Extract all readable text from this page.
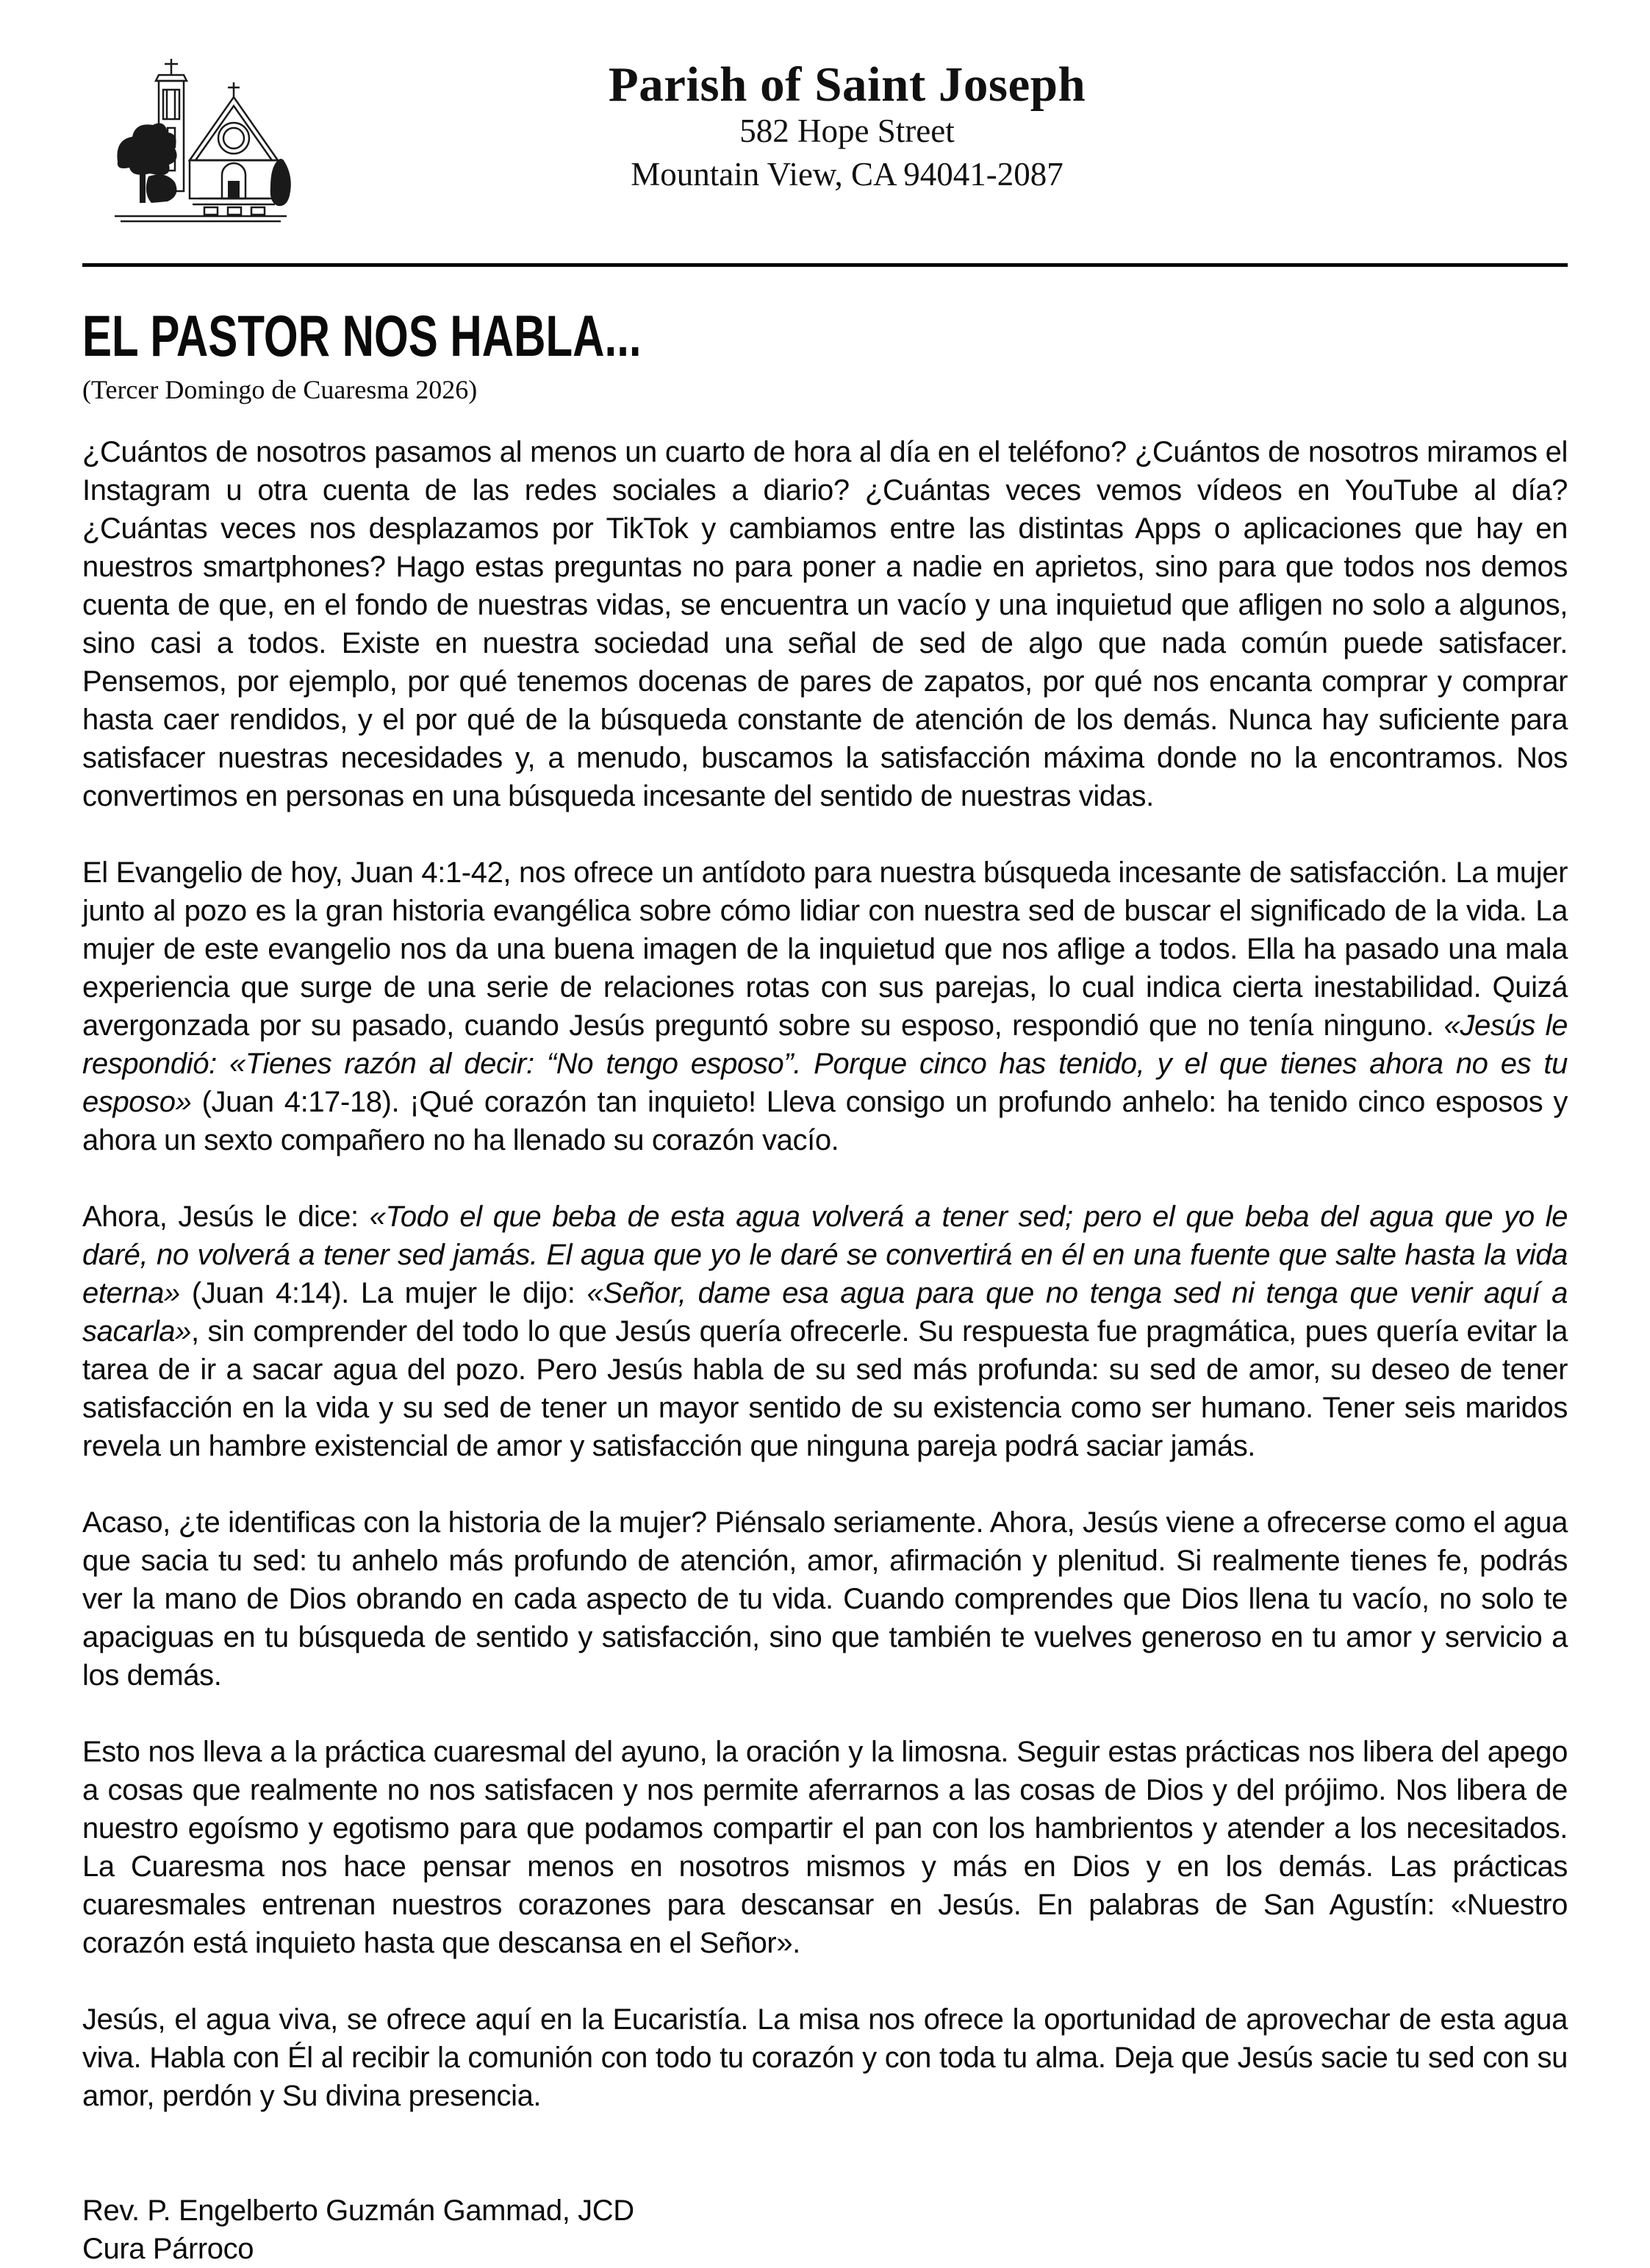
Parish of Saint Joseph
582 Hope Street
Mountain View, CA 94041-2087
EL PASTOR NOS HABLA...
(Tercer Domingo de Cuaresma 2026)

¿Cuántos de nosotros pasamos al menos un cuarto de hora al día en el teléfono? ¿Cuántos de nosotros miramos el Instagram u otra cuenta de las redes sociales a diario? ¿Cuántas veces vemos vídeos en YouTube al día? ¿Cuántas veces nos desplazamos por TikTok y cambiamos entre las distintas Apps o aplicaciones que hay en nuestros smartphones? Hago estas preguntas no para poner a nadie en aprietos, sino para que todos nos demos cuenta de que, en el fondo de nuestras vidas, se encuentra un vacío y una inquietud que afligen no solo a algunos, sino casi a todos. Existe en nuestra sociedad una señal de sed de algo que nada común puede satisfacer. Pensemos, por ejemplo, por qué tenemos docenas de pares de zapatos, por qué nos encanta comprar y comprar hasta caer rendidos, y el por qué de la búsqueda constante de atención de los demás. Nunca hay suficiente para satisfacer nuestras necesidades y, a menudo, buscamos la satisfacción máxima donde no la encontramos. Nos convertimos en personas en una búsqueda incesante del sentido de nuestras vidas.

El Evangelio de hoy, Juan 4:1-42, nos ofrece un antídoto para nuestra búsqueda incesante de satisfacción. La mujer junto al pozo es la gran historia evangélica sobre cómo lidiar con nuestra sed de buscar el significado de la vida. La mujer de este evangelio nos da una buena imagen de la inquietud que nos aflige a todos. Ella ha pasado una mala experiencia que surge de una serie de relaciones rotas con sus parejas, lo cual indica cierta inestabilidad. Quizá avergonzada por su pasado, cuando Jesús preguntó sobre su esposo, respondió que no tenía ninguno. «Jesús le respondió: «Tienes razón al decir: “No tengo esposo”. Porque cinco has tenido, y el que tienes ahora no es tu esposo» (Juan 4:17-18). ¡Qué corazón tan inquieto! Lleva consigo un profundo anhelo: ha tenido cinco esposos y ahora un sexto compañero no ha llenado su corazón vacío.

Ahora, Jesús le dice: «Todo el que beba de esta agua volverá a tener sed; pero el que beba del agua que yo le daré, no volverá a tener sed jamás. El agua que yo le daré se convertirá en él en una fuente que salte hasta la vida eterna» (Juan 4:14). La mujer le dijo: «Señor, dame esa agua para que no tenga sed ni tenga que venir aquí a sacarla», sin comprender del todo lo que Jesús quería ofrecerle. Su respuesta fue pragmática, pues quería evitar la tarea de ir a sacar agua del pozo. Pero Jesús habla de su sed más profunda: su sed de amor, su deseo de tener satisfacción en la vida y su sed de tener un mayor sentido de su existencia como ser humano. Tener seis maridos revela un hambre existencial de amor y satisfacción que ninguna pareja podrá saciar jamás.

Acaso, ¿te identificas con la historia de la mujer? Piénsalo seriamente. Ahora, Jesús viene a ofrecerse como el agua que sacia tu sed: tu anhelo más profundo de atención, amor, afirmación y plenitud. Si realmente tienes fe, podrás ver la mano de Dios obrando en cada aspecto de tu vida. Cuando comprendes que Dios llena tu vacío, no solo te apaciguas en tu búsqueda de sentido y satisfacción, sino que también te vuelves generoso en tu amor y servicio a los demás.

Esto nos lleva a la práctica cuaresmal del ayuno, la oración y la limosna. Seguir estas prácticas nos libera del apego a cosas que realmente no nos satisfacen y nos permite aferrarnos a las cosas de Dios y del prójimo. Nos libera de nuestro egoísmo y egotismo para que podamos compartir el pan con los hambrientos y atender a los necesitados. La Cuaresma nos hace pensar menos en nosotros mismos y más en Dios y en los demás. Las prácticas cuaresmales entrenan nuestros corazones para descansar en Jesús. En palabras de San Agustín: «Nuestro corazón está inquieto hasta que descansa en el Señor».

Jesús, el agua viva, se ofrece aquí en la Eucaristía. La misa nos ofrece la oportunidad de aprovechar de esta agua viva. Habla con Él al recibir la comunión con todo tu corazón y con toda tu alma. Deja que Jesús sacie tu sed con su amor, perdón y Su divina presencia.

Rev. P. Engelberto Guzmán Gammad, JCD
Cura Párroco
